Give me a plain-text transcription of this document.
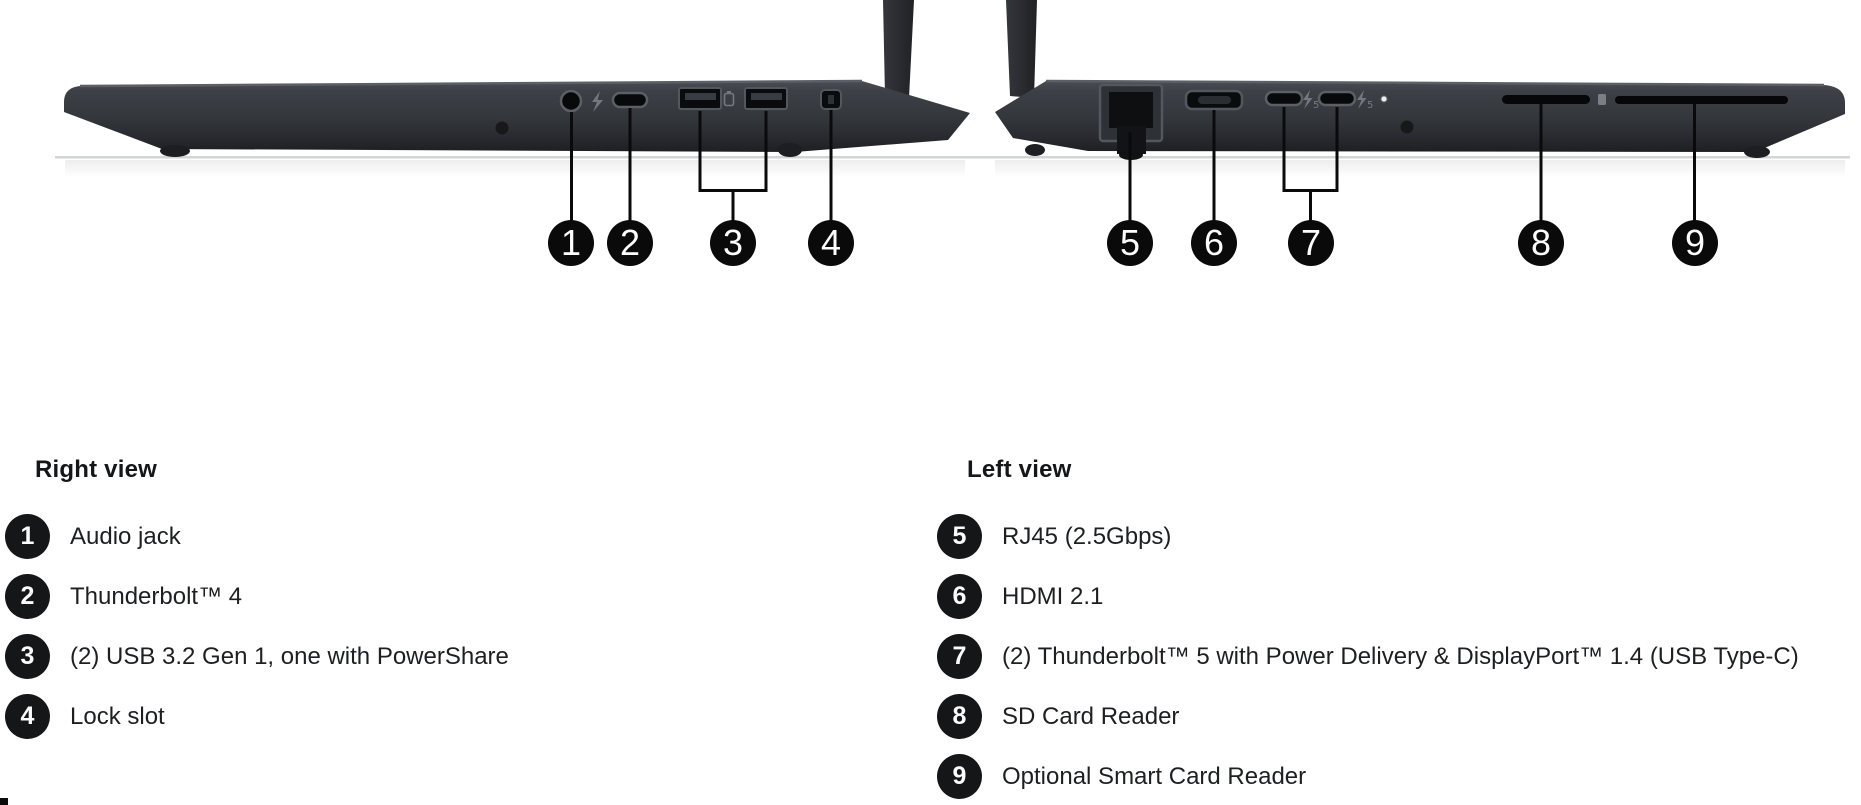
5	5
1	2	3	4	5	6	7	8	9
Right view
1	Audio jack
2	Thunderbolt™ 4
3	(2) USB 3.2 Gen 1, one with PowerShare
4	Lock slot
Left view
5	RJ45 (2.5Gbps)
6	HDMI 2.1
7	(2) Thunderbolt™ 5 with Power Delivery & DisplayPort™ 1.4 (USB Type-C)
8	SD Card Reader
9	Optional Smart Card Reader
